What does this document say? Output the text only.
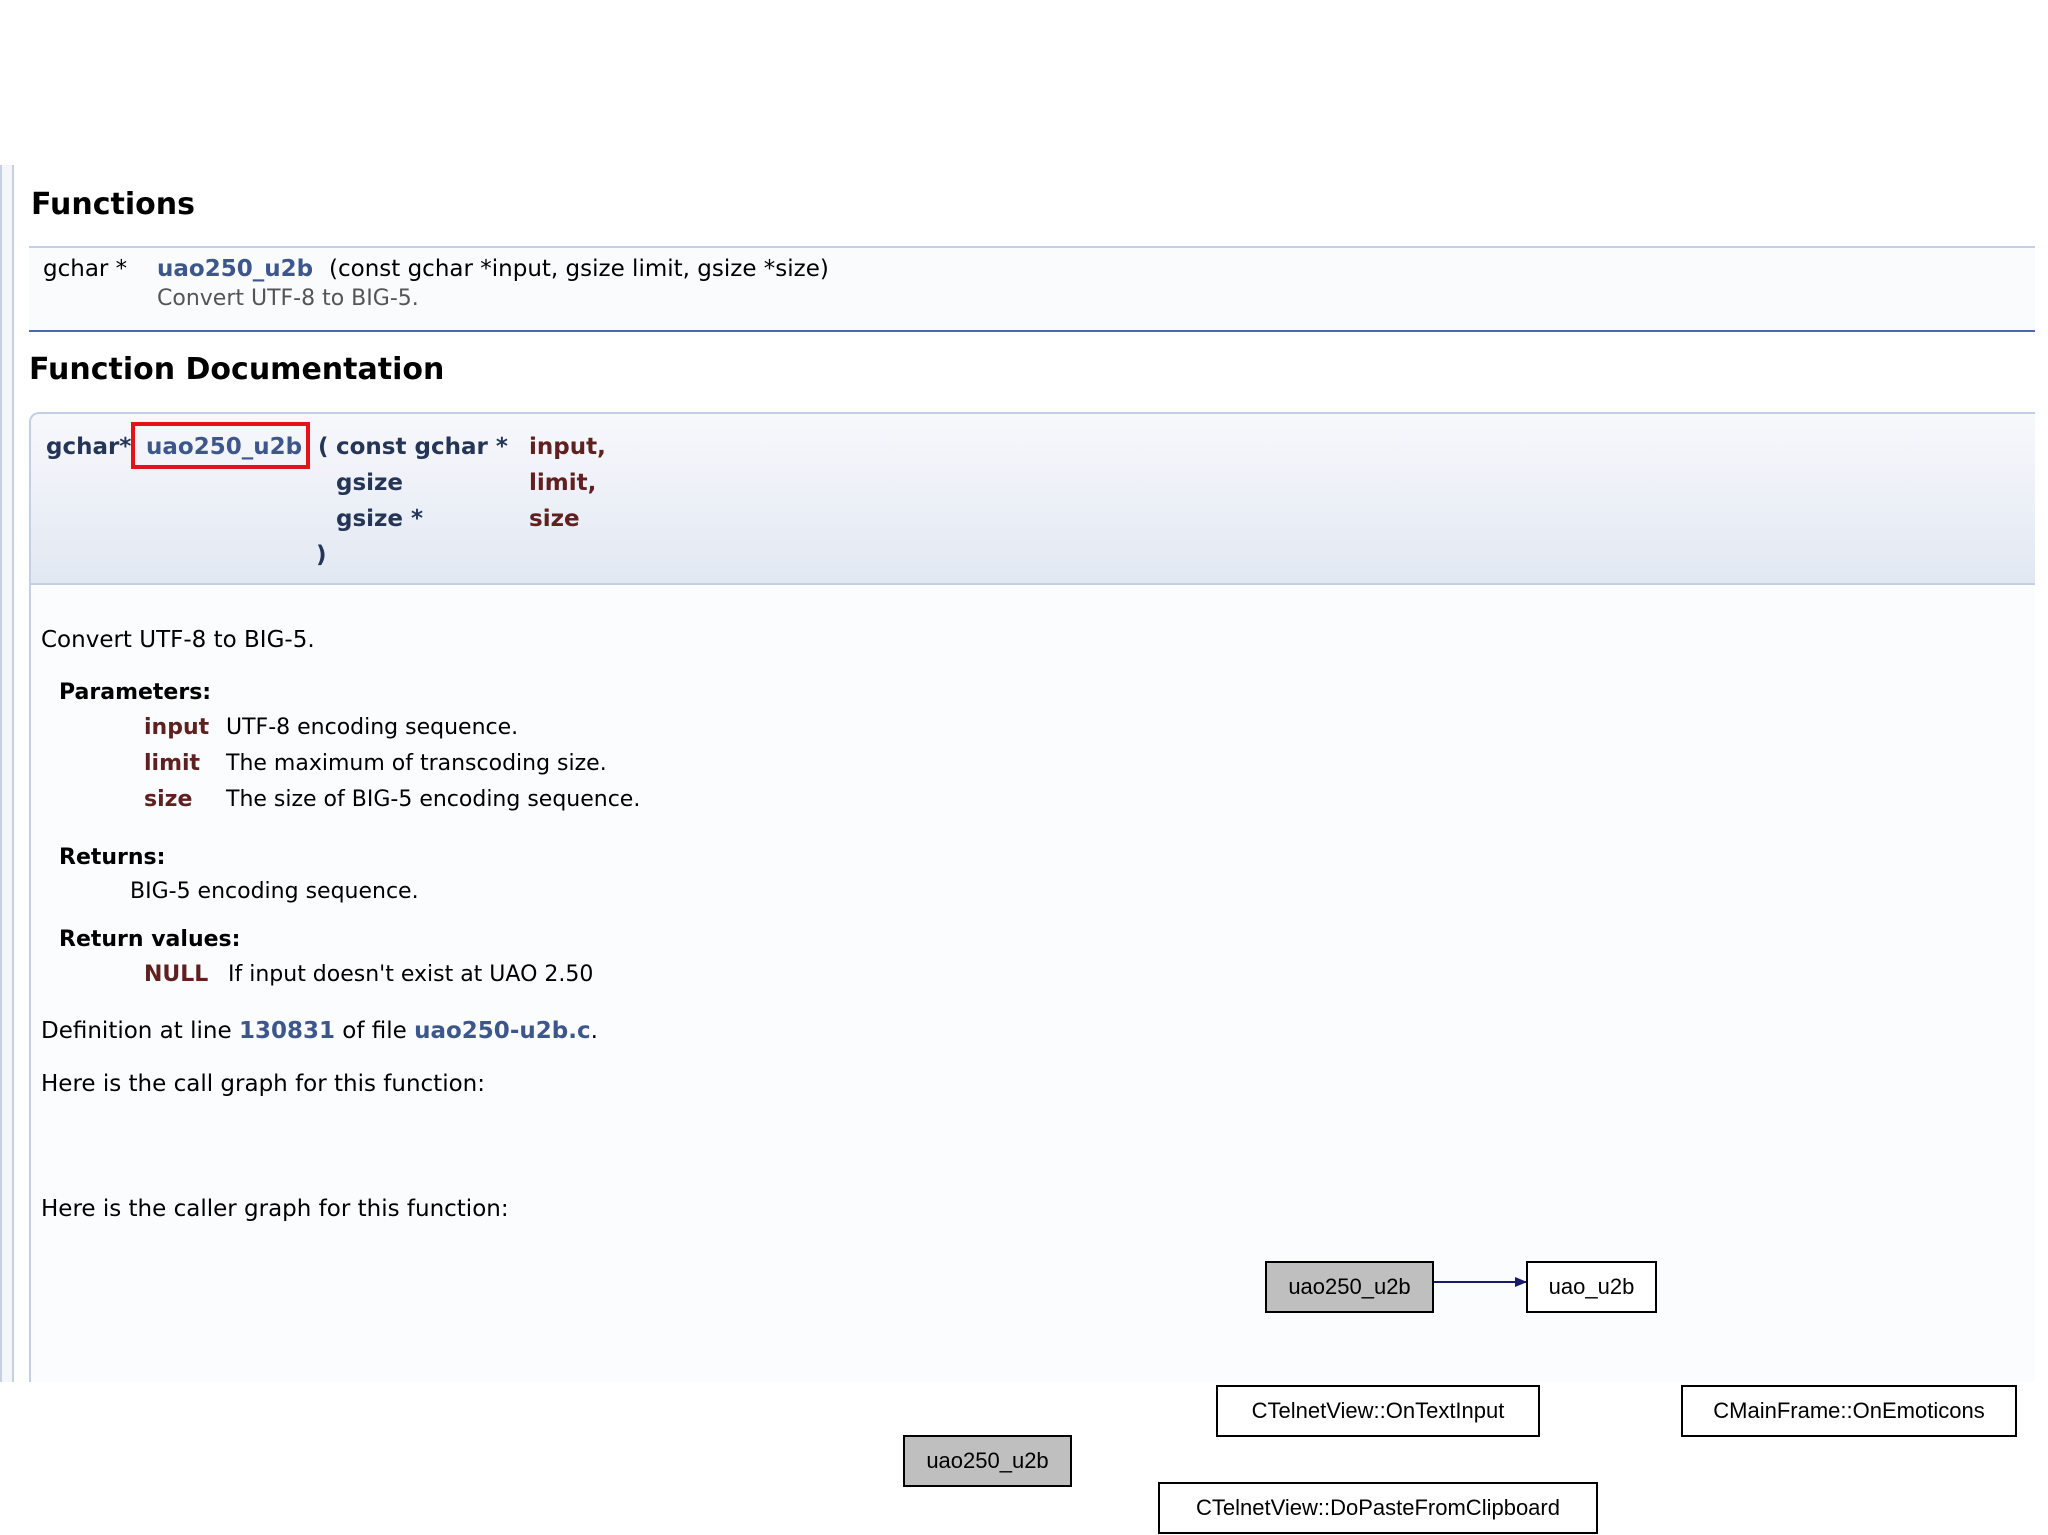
Functions
gchar * uao250_u2b (const gchar *input, gsize limit, gsize *size)
Convert UTF-8 to BIG-5.
Function Documentation
gchar* uao250_u2b ( const gchar * input,
gsize	limit,
gsize *	size
)
Convert UTF-8 to BIG-5.
Parameters:
input UTF-8 encoding sequence.
limit The maximum of transcoding size.
size The size of BIG-5 encoding sequence.
Returns:
BIG-5 encoding sequence.
Return values:
NULL If input doesn't exist at UAO 2.50
Definition at line 130831 of file uao250-u2b.c.
Here is the call graph for this function:
Here is the caller graph for this function:
uao250_u2b	uao_u2b
uao250_u2b
CTelnetView::OnTextInput
CTelnetView::DoPasteFromClipboard
CMainFrame::OnEmoticons
